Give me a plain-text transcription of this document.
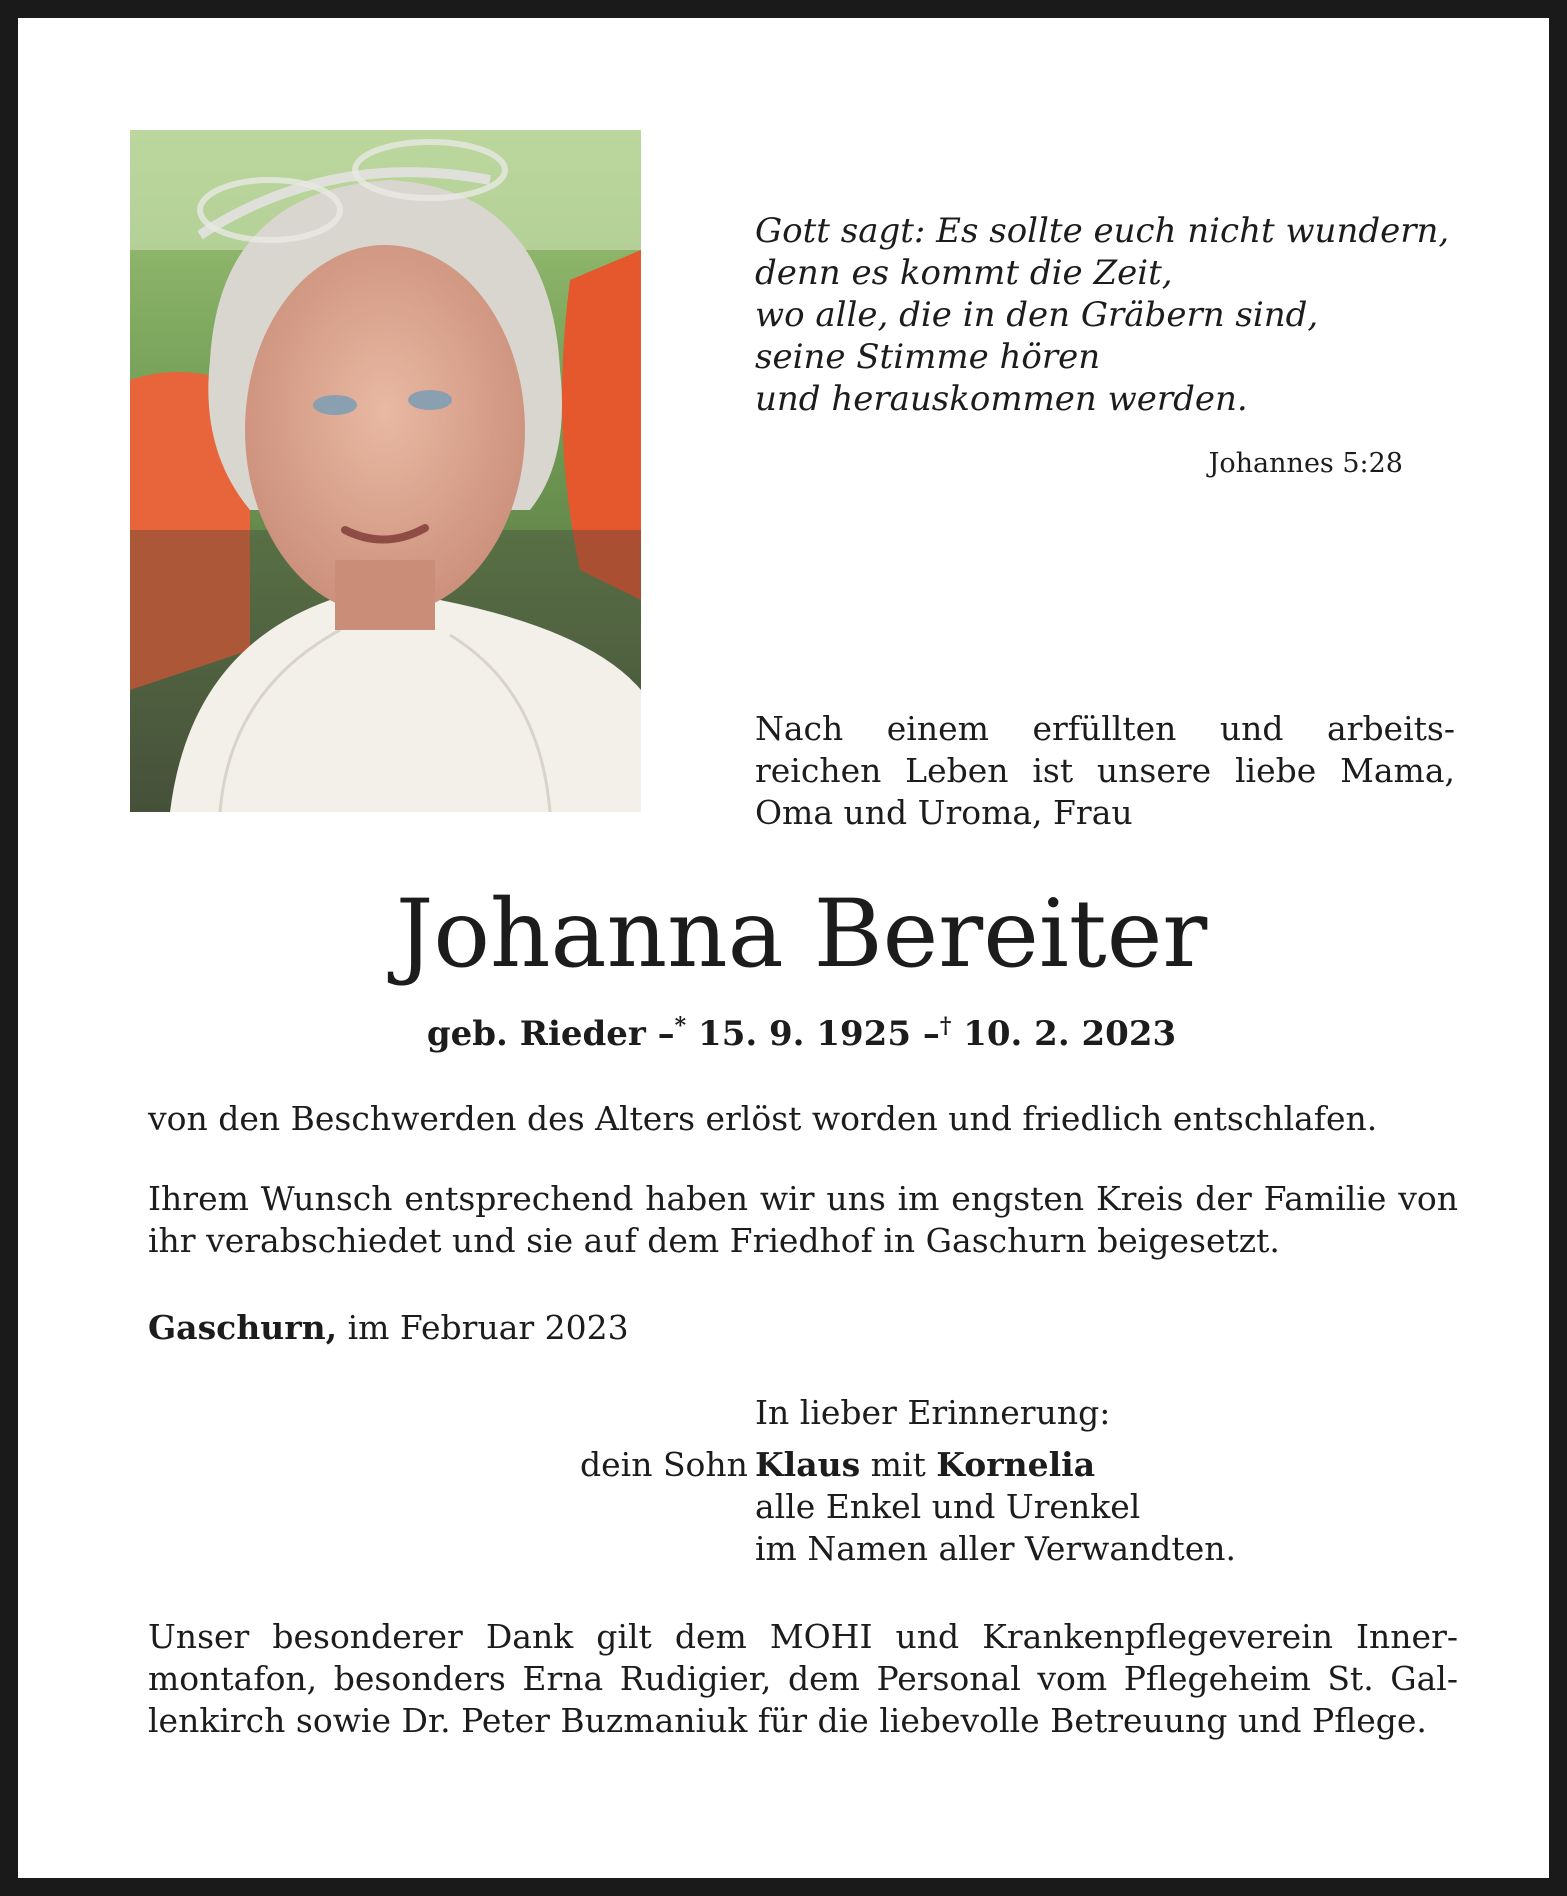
Gott sagt: Es sollte euch nicht wundern,
denn es kommt die Zeit,
wo alle, die in den Gräbern sind,
seine Stimme hören
und herauskommen werden.
Johannes 5:28
Nach einem erfüllten und arbeits-
reichen Leben ist unsere liebe Mama,
Oma und Uroma, Frau
Johanna Bereiter
geb. Rieder –* 15. 9. 1925 –† 10. 2. 2023
von den Beschwerden des Alters erlöst worden und friedlich entschlafen.
Ihrem Wunsch entsprechend haben wir uns im engsten Kreis der Familie von
ihr verabschiedet und sie auf dem Friedhof in Gaschurn beigesetzt.
Gaschurn, im Februar 2023
In lieber Erinnerung:
dein Sohn Klaus mit Kornelia
alle Enkel und Urenkel
im Namen aller Verwandten.
Unser besonderer Dank gilt dem MOHI und Krankenpflegeverein Inner-
montafon, besonders Erna Rudigier, dem Personal vom Pflegeheim St. Gal-
lenkirch sowie Dr. Peter Buzmaniuk für die liebevolle Betreuung und Pflege.
